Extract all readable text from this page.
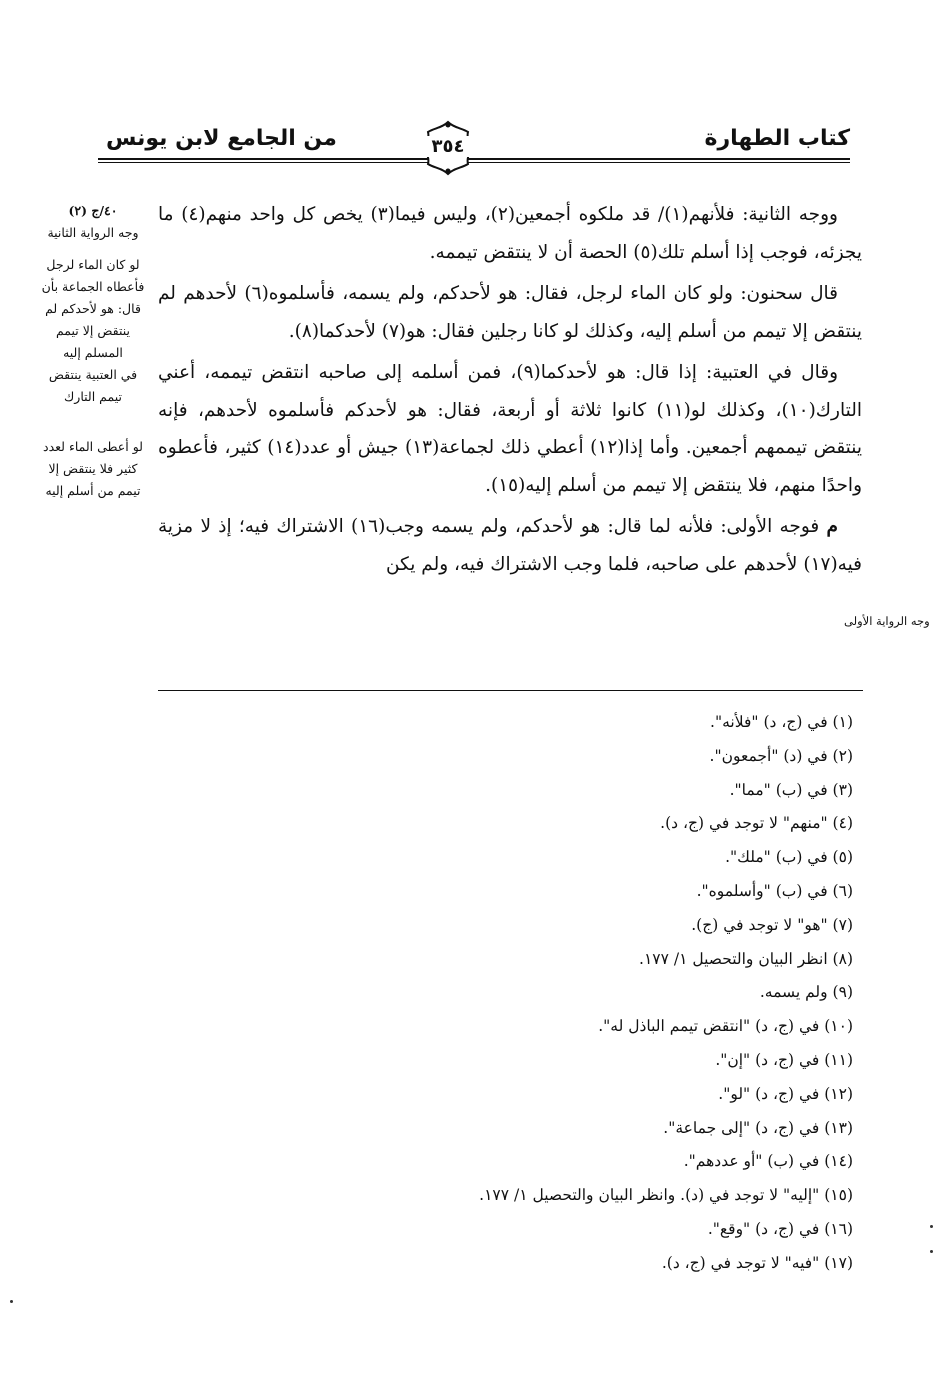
كتاب الطهارة
من الجامع لابن يونس	٣٥٤
٤٠/ج (٢)
وجه الرواية الثانية
لو كان الماء لرجل فأعطاه الجماعة بأن قال: هو لأحدكم لم ينتقض إلا تيمم المسلم إليه
في العتبية ينتقض تيمم التارك
لو أعطى الماء لعدد كثير فلا ينتقض إلا تيمم من أسلم إليه
وجه الرواية الأولى

ووجه الثانية: فلأنهم(١)/ قد ملكوه أجمعين(٢)، وليس فيما(٣) يخص كل واحد منهم(٤) ما يجزئه، فوجب إذا أسلم تلك(٥) الحصة أن لا ينتقض تيممه.

قال سحنون: ولو كان الماء لرجل، فقال: هو لأحدكم، ولم يسمه، فأسلموه(٦) لأحدهم لم ينتقض إلا تيمم من أسلم إليه، وكذلك لو كانا رجلين فقال: هو(٧) لأحدكما(٨).

وقال في العتبية: إذا قال: هو لأحدكما(٩)، فمن أسلمه إلى صاحبه انتقض تيممه، أعني التارك(١٠)، وكذلك لو(١١) كانوا ثلاثة أو أربعة، فقال: هو لأحدكم فأسلموه لأحدهم، فإنه ينتقض تيممهم أجمعين. وأما إذا(١٢) أعطي ذلك لجماعة(١٣) جيش أو عدد(١٤) كثير، فأعطوه واحدًا منهم، فلا ينتقض إلا تيمم من أسلم إليه(١٥).

م فوجه الأولى: فلأنه لما قال: هو لأحدكم، ولم يسمه وجب(١٦) الاشتراك فيه؛ إذ لا مزية فيه(١٧) لأحدهم على صاحبه، فلما وجب الاشتراك فيه، ولم يكن

(١) في (ج، د) "فلأنه".
(٢) في (د) "أجمعون".
(٣) في (ب) "مما".
(٤) "منهم" لا توجد في (ج، د).
(٥) في (ب) "ملك".
(٦) في (ب) "وأسلموه".
(٧) "هو" لا توجد في (ج).
(٨) انظر البيان والتحصيل ١/ ١٧٧.
(٩) ولم يسمه.
(١٠) في (ج، د) "انتقض تيمم الباذل له".
(١١) في (ج، د) "إن".
(١٢) في (ج، د) "لو".
(١٣) في (ج، د) "إلى جماعة".
(١٤) في (ب) "أو عددهم".
(١٥) "إليه" لا توجد في (د). وانظر البيان والتحصيل ١/ ١٧٧.
(١٦) في (ج، د) "وقع".
(١٧) "فيه" لا توجد في (ج، د).
